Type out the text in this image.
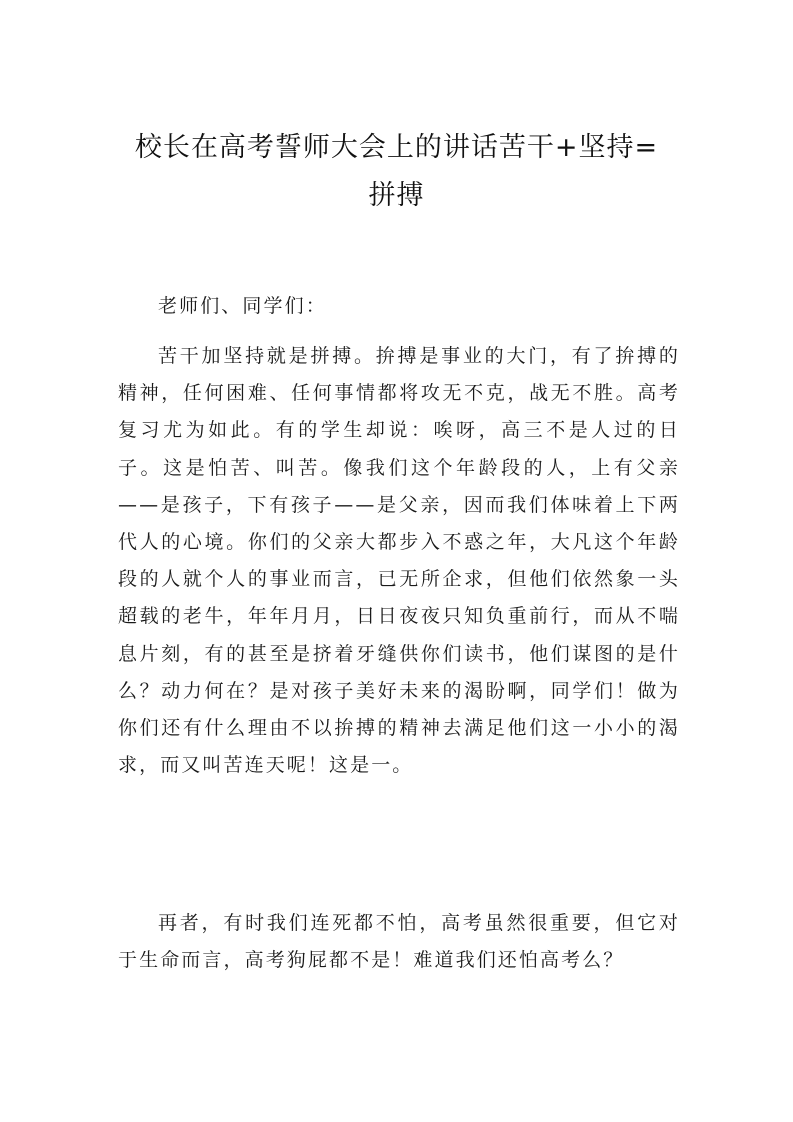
校长在高考誓师大会上的讲话苦干+坚持=
拼搏

老师们、同学们：

苦干加坚持就是拼搏。拚搏是事业的大门，有了拚搏的精神，任何困难、任何事情都将攻无不克，战无不胜。高考复习尤为如此。有的学生却说：唉呀，高三不是人过的日子。这是怕苦、叫苦。像我们这个年龄段的人，上有父亲——是孩子，下有孩子——是父亲，因而我们体味着上下两代人的心境。你们的父亲大都步入不惑之年，大凡这个年龄段的人就个人的事业而言，已无所企求，但他们依然象一头超载的老牛，年年月月，日日夜夜只知负重前行，而从不喘息片刻，有的甚至是挤着牙缝供你们读书，他们谋图的是什么？动力何在？是对孩子美好未来的渴盼啊，同学们！做为你们还有什么理由不以拚搏的精神去满足他们这一小小的渴求，而又叫苦连天呢！这是一。

再者，有时我们连死都不怕，高考虽然很重要，但它对于生命而言，高考狗屁都不是！难道我们还怕高考么？
